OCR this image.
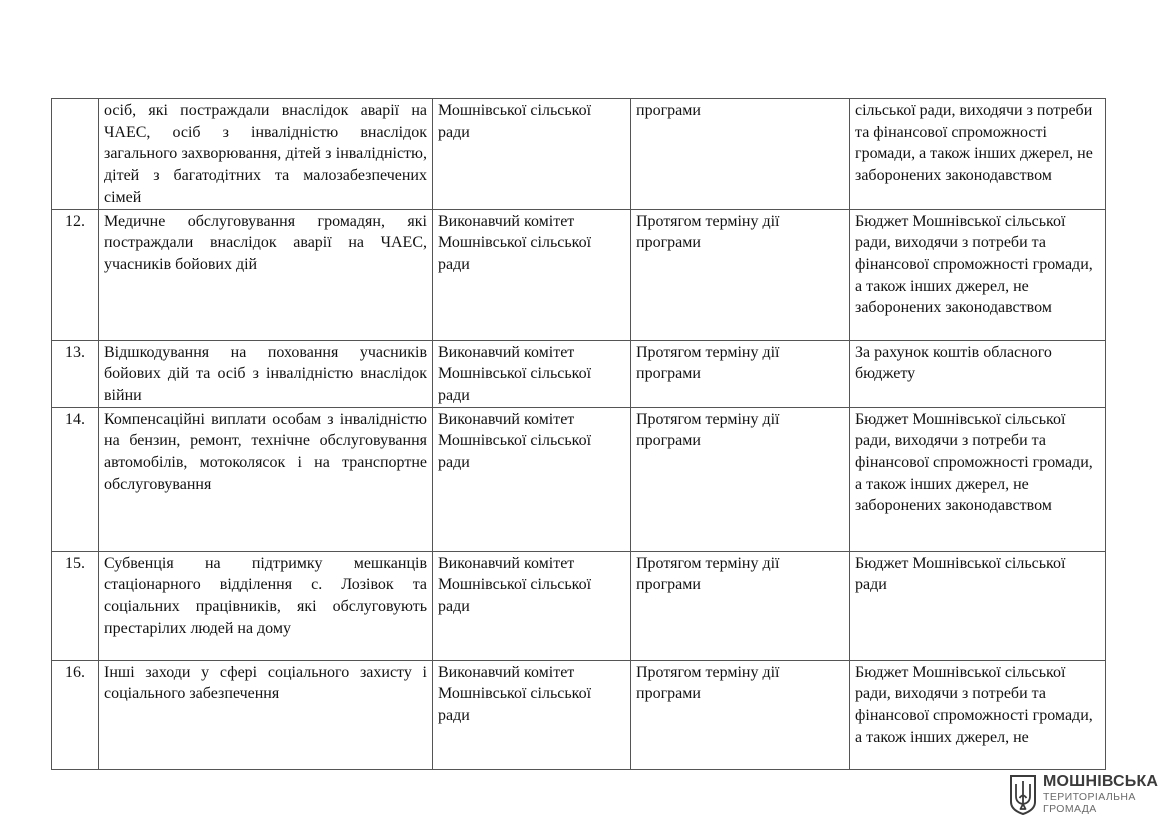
	осіб, які постраждали внаслідок аварії на ЧАЕС, осіб з інвалідністю внаслідок загального захворювання, дітей з інвалідністю, дітей з багатодітних та малозабезпечених сімей	Мошнівської сільської ради	програми	сільської ради, виходячи з потреби та фінансової спроможності громади, а також інших джерел, не заборонених законодавством
12.	Медичне обслуговування громадян, які постраждали внаслідок аварії на ЧАЕС, учасників бойових дій	Виконавчий комітет Мошнівської сільської ради	Протягом терміну дії програми	Бюджет Мошнівської сільської ради, виходячи з потреби та фінансової спроможності громади, а також інших джерел, не заборонених законодавством
13.	Відшкодування на поховання учасників бойових дій та осіб з інвалідністю внаслідок війни	Виконавчий комітет Мошнівської сільської ради	Протягом терміну дії програми	За рахунок коштів обласного бюджету
14.	Компенсаційні виплати особам з інвалідністю на бензин, ремонт, технічне обслуговування автомобілів, мотоколясок і на транспортне обслуговування	Виконавчий комітет Мошнівської сільської ради	Протягом терміну дії програми	Бюджет Мошнівської сільської ради, виходячи з потреби та фінансової спроможності громади, а також інших джерел, не заборонених законодавством
15.	Субвенція на підтримку мешканців стаціонарного відділення с. Лозівок та соціальних працівників, які обслуговують престарілих людей на дому	Виконавчий комітет Мошнівської сільської ради	Протягом терміну дії програми	Бюджет Мошнівської сільської ради
16.	Інші заходи у сфері соціального захисту і соціального забезпечення	Виконавчий комітет Мошнівської сільської ради	Протягом терміну дії програми	Бюджет Мошнівської сільської ради, виходячи з потреби та фінансової спроможності громади, а також інших джерел, не
МОШНІВСЬКА
ТЕРИТОРІАЛЬНА
ГРОМАДА
